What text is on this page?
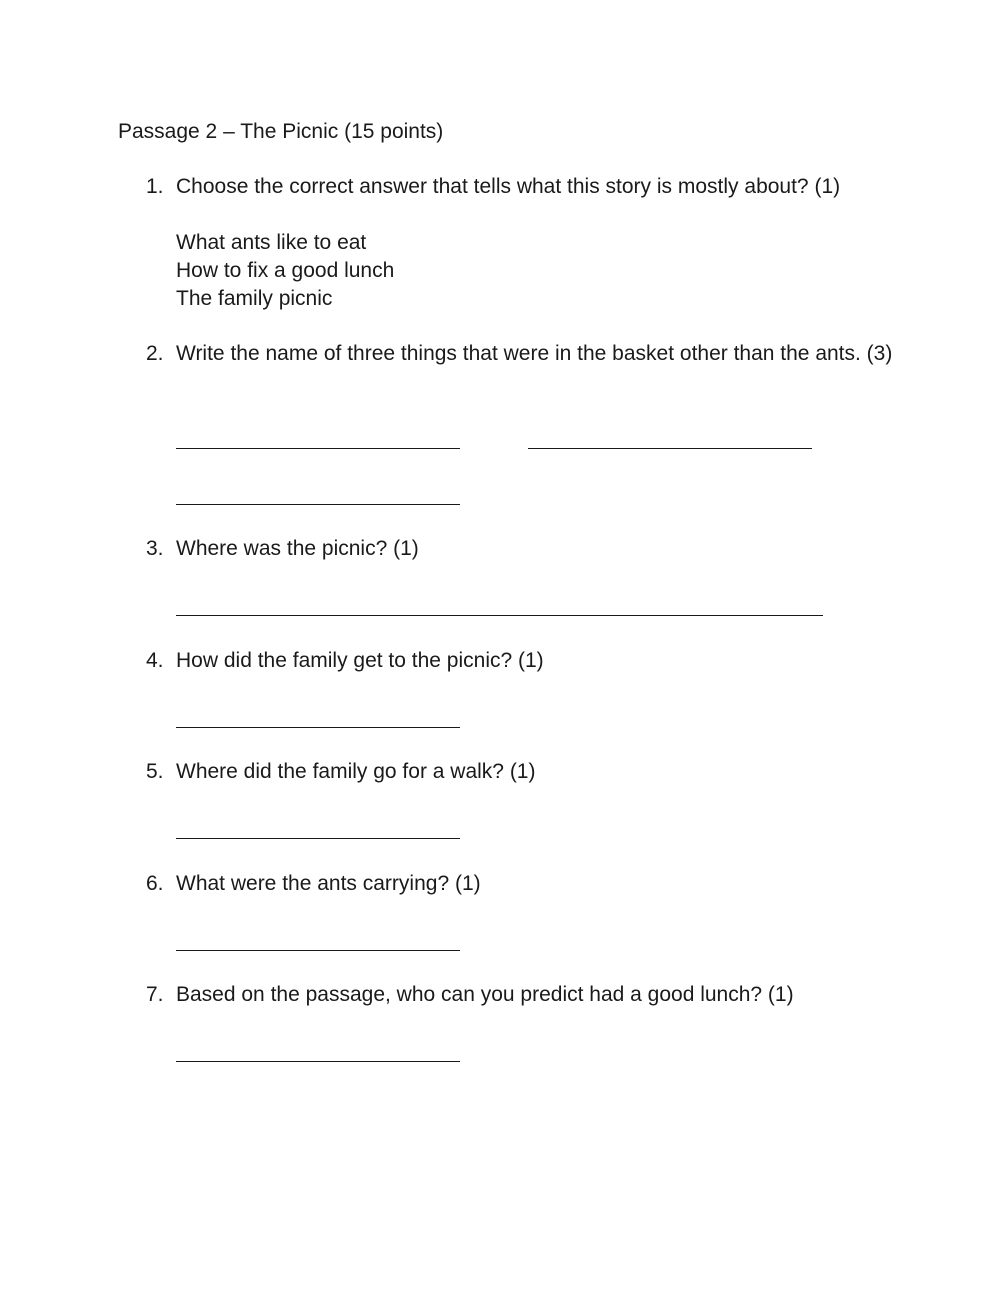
Passage 2 – The Picnic (15 points)
1. Choose the correct answer that tells what this story is mostly about? (1)
What ants like to eat
How to fix a good lunch
The family picnic
2. Write the name of three things that were in the basket other than the ants. (3)
3. Where was the picnic? (1)
4. How did the family get to the picnic? (1)
5. Where did the family go for a walk? (1)
6. What were the ants carrying? (1)
7. Based on the passage, who can you predict had a good lunch? (1)
